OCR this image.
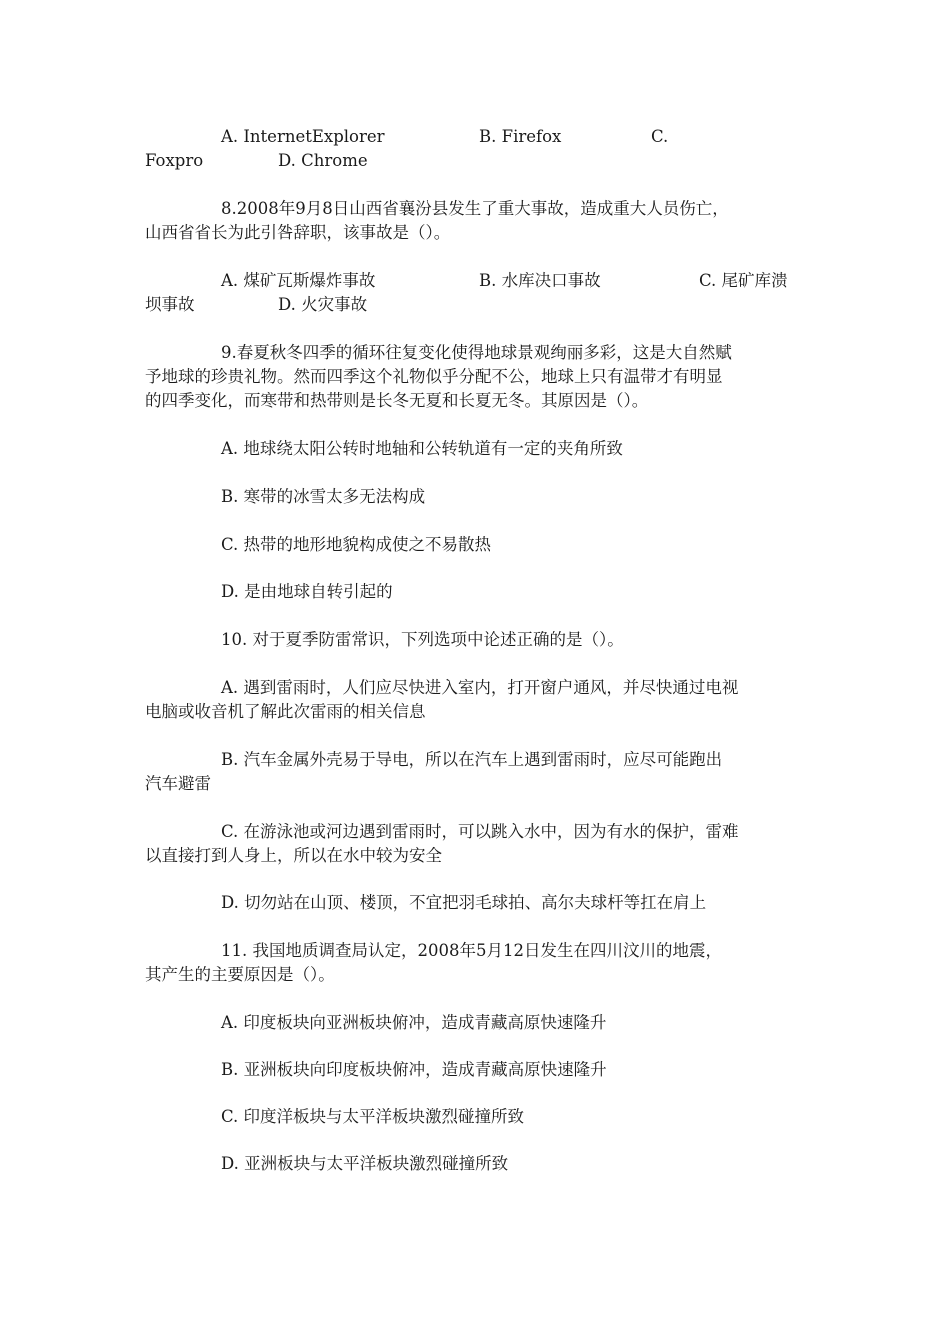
A. InternetExplorer	B. Firefox	C.
Foxpro	D. Chrome
8.2008年9月8日山西省襄汾县发生了重大事故，造成重大人员伤亡，
山西省省长为此引咎辞职，该事故是（）。
A. 煤矿瓦斯爆炸事故	B. 水库决口事故	C. 尾矿库溃
坝事故	D. 火灾事故
9.春夏秋冬四季的循环往复变化使得地球景观绚丽多彩，这是大自然赋
予地球的珍贵礼物。然而四季这个礼物似乎分配不公，地球上只有温带才有明显
的四季变化，而寒带和热带则是长冬无夏和长夏无冬。其原因是（）。
A. 地球绕太阳公转时地轴和公转轨道有一定的夹角所致
B. 寒带的冰雪太多无法构成
C. 热带的地形地貌构成使之不易散热
D. 是由地球自转引起的
10. 对于夏季防雷常识，下列选项中论述正确的是（）。
A. 遇到雷雨时，人们应尽快进入室内，打开窗户通风，并尽快通过电视
电脑或收音机了解此次雷雨的相关信息
B. 汽车金属外壳易于导电，所以在汽车上遇到雷雨时，应尽可能跑出
汽车避雷
C. 在游泳池或河边遇到雷雨时，可以跳入水中，因为有水的保护，雷难
以直接打到人身上，所以在水中较为安全
D. 切勿站在山顶、楼顶，不宜把羽毛球拍、高尔夫球杆等扛在肩上
11. 我国地质调查局认定，2008年5月12日发生在四川汶川的地震，
其产生的主要原因是（）。
A. 印度板块向亚洲板块俯冲，造成青藏高原快速隆升
B. 亚洲板块向印度板块俯冲，造成青藏高原快速隆升
C. 印度洋板块与太平洋板块激烈碰撞所致
D. 亚洲板块与太平洋板块激烈碰撞所致
